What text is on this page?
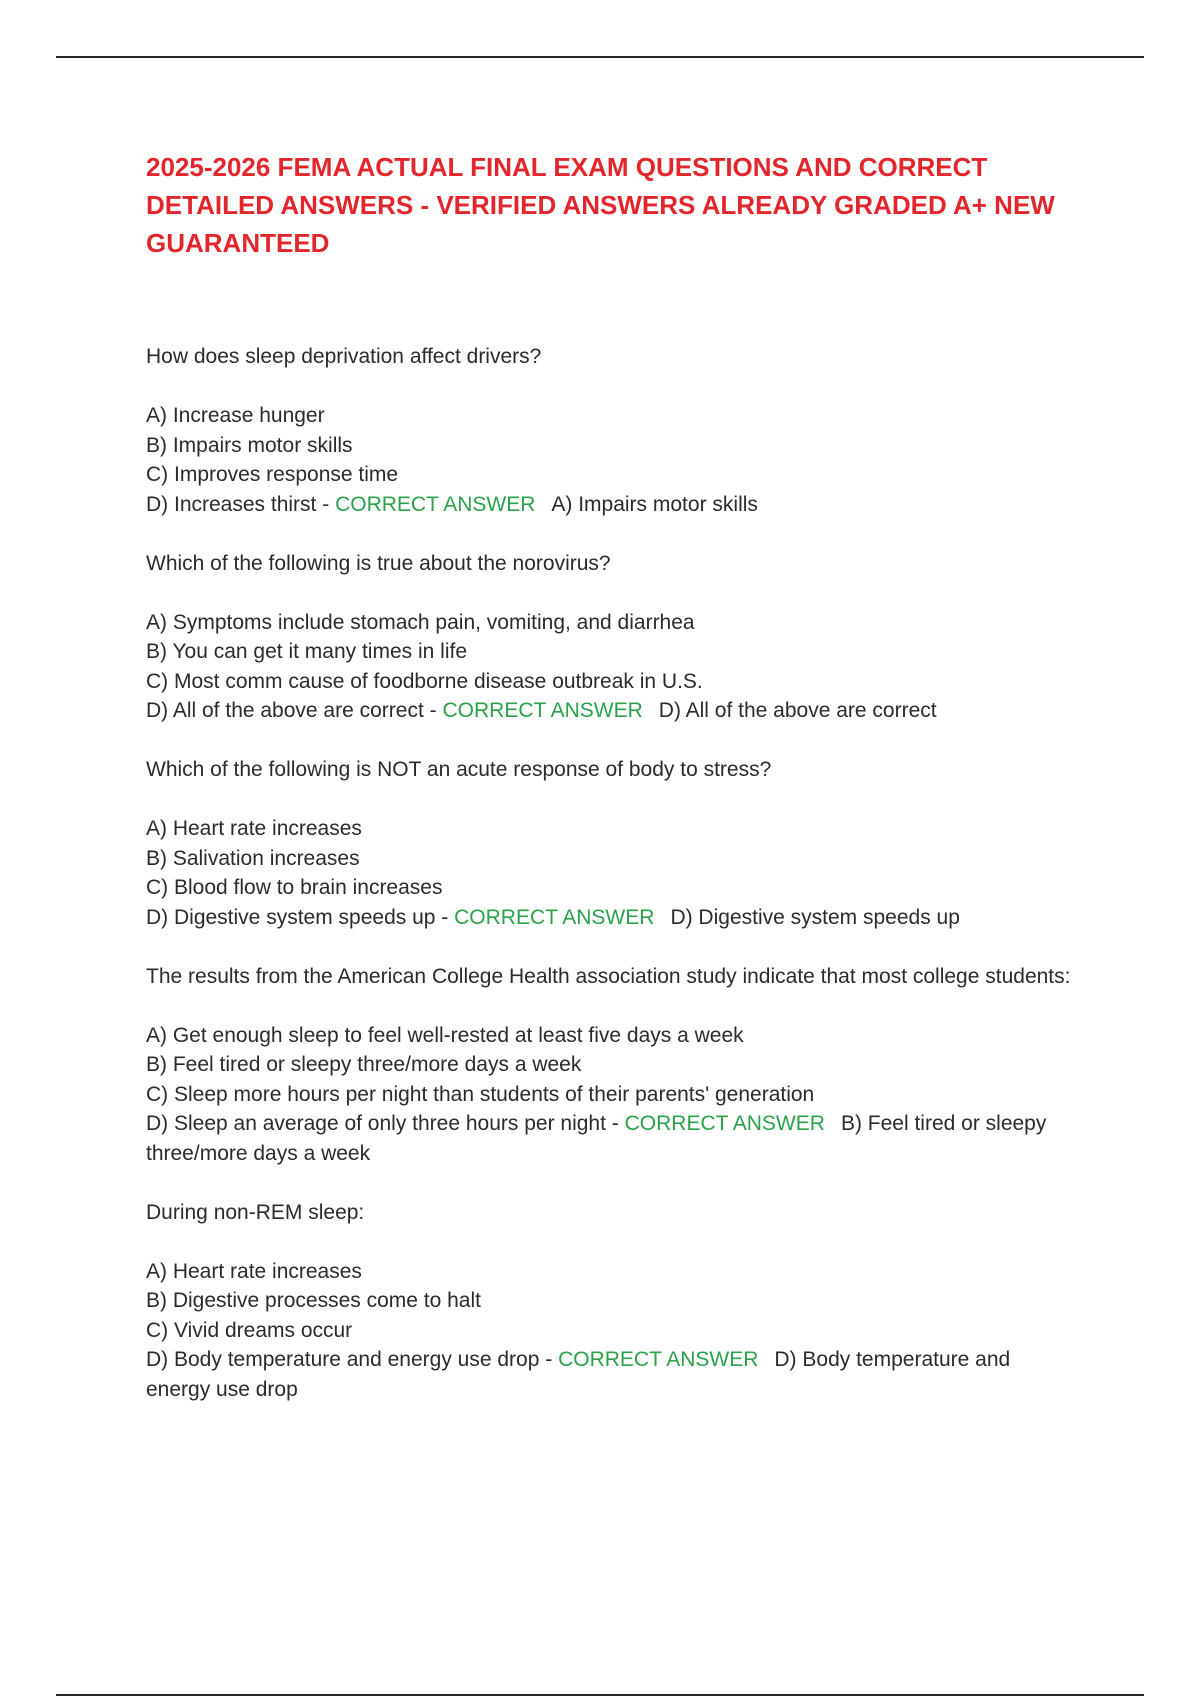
2025-2026 FEMA ACTUAL FINAL EXAM QUESTIONS AND CORRECT DETAILED ANSWERS - VERIFIED ANSWERS ALREADY GRADED A+ NEW GUARANTEED

How does sleep deprivation affect drivers?

A) Increase hunger

B) Impairs motor skills

C) Improves response time

D) Increases thirst - CORRECT ANSWER A) Impairs motor skills

Which of the following is true about the norovirus?

A) Symptoms include stomach pain, vomiting, and diarrhea

B) You can get it many times in life

C) Most comm cause of foodborne disease outbreak in U.S.

D) All of the above are correct - CORRECT ANSWER D) All of the above are correct

Which of the following is NOT an acute response of body to stress?

A) Heart rate increases

B) Salivation increases

C) Blood flow to brain increases

D) Digestive system speeds up - CORRECT ANSWER D) Digestive system speeds up

The results from the American College Health association study indicate that most college students:

A) Get enough sleep to feel well-rested at least five days a week

B) Feel tired or sleepy three/more days a week

C) Sleep more hours per night than students of their parents' generation

D) Sleep an average of only three hours per night - CORRECT ANSWER B) Feel tired or sleepy three/more days a week

During non-REM sleep:

A) Heart rate increases

B) Digestive processes come to halt

C) Vivid dreams occur

D) Body temperature and energy use drop - CORRECT ANSWER D) Body temperature and energy use drop
